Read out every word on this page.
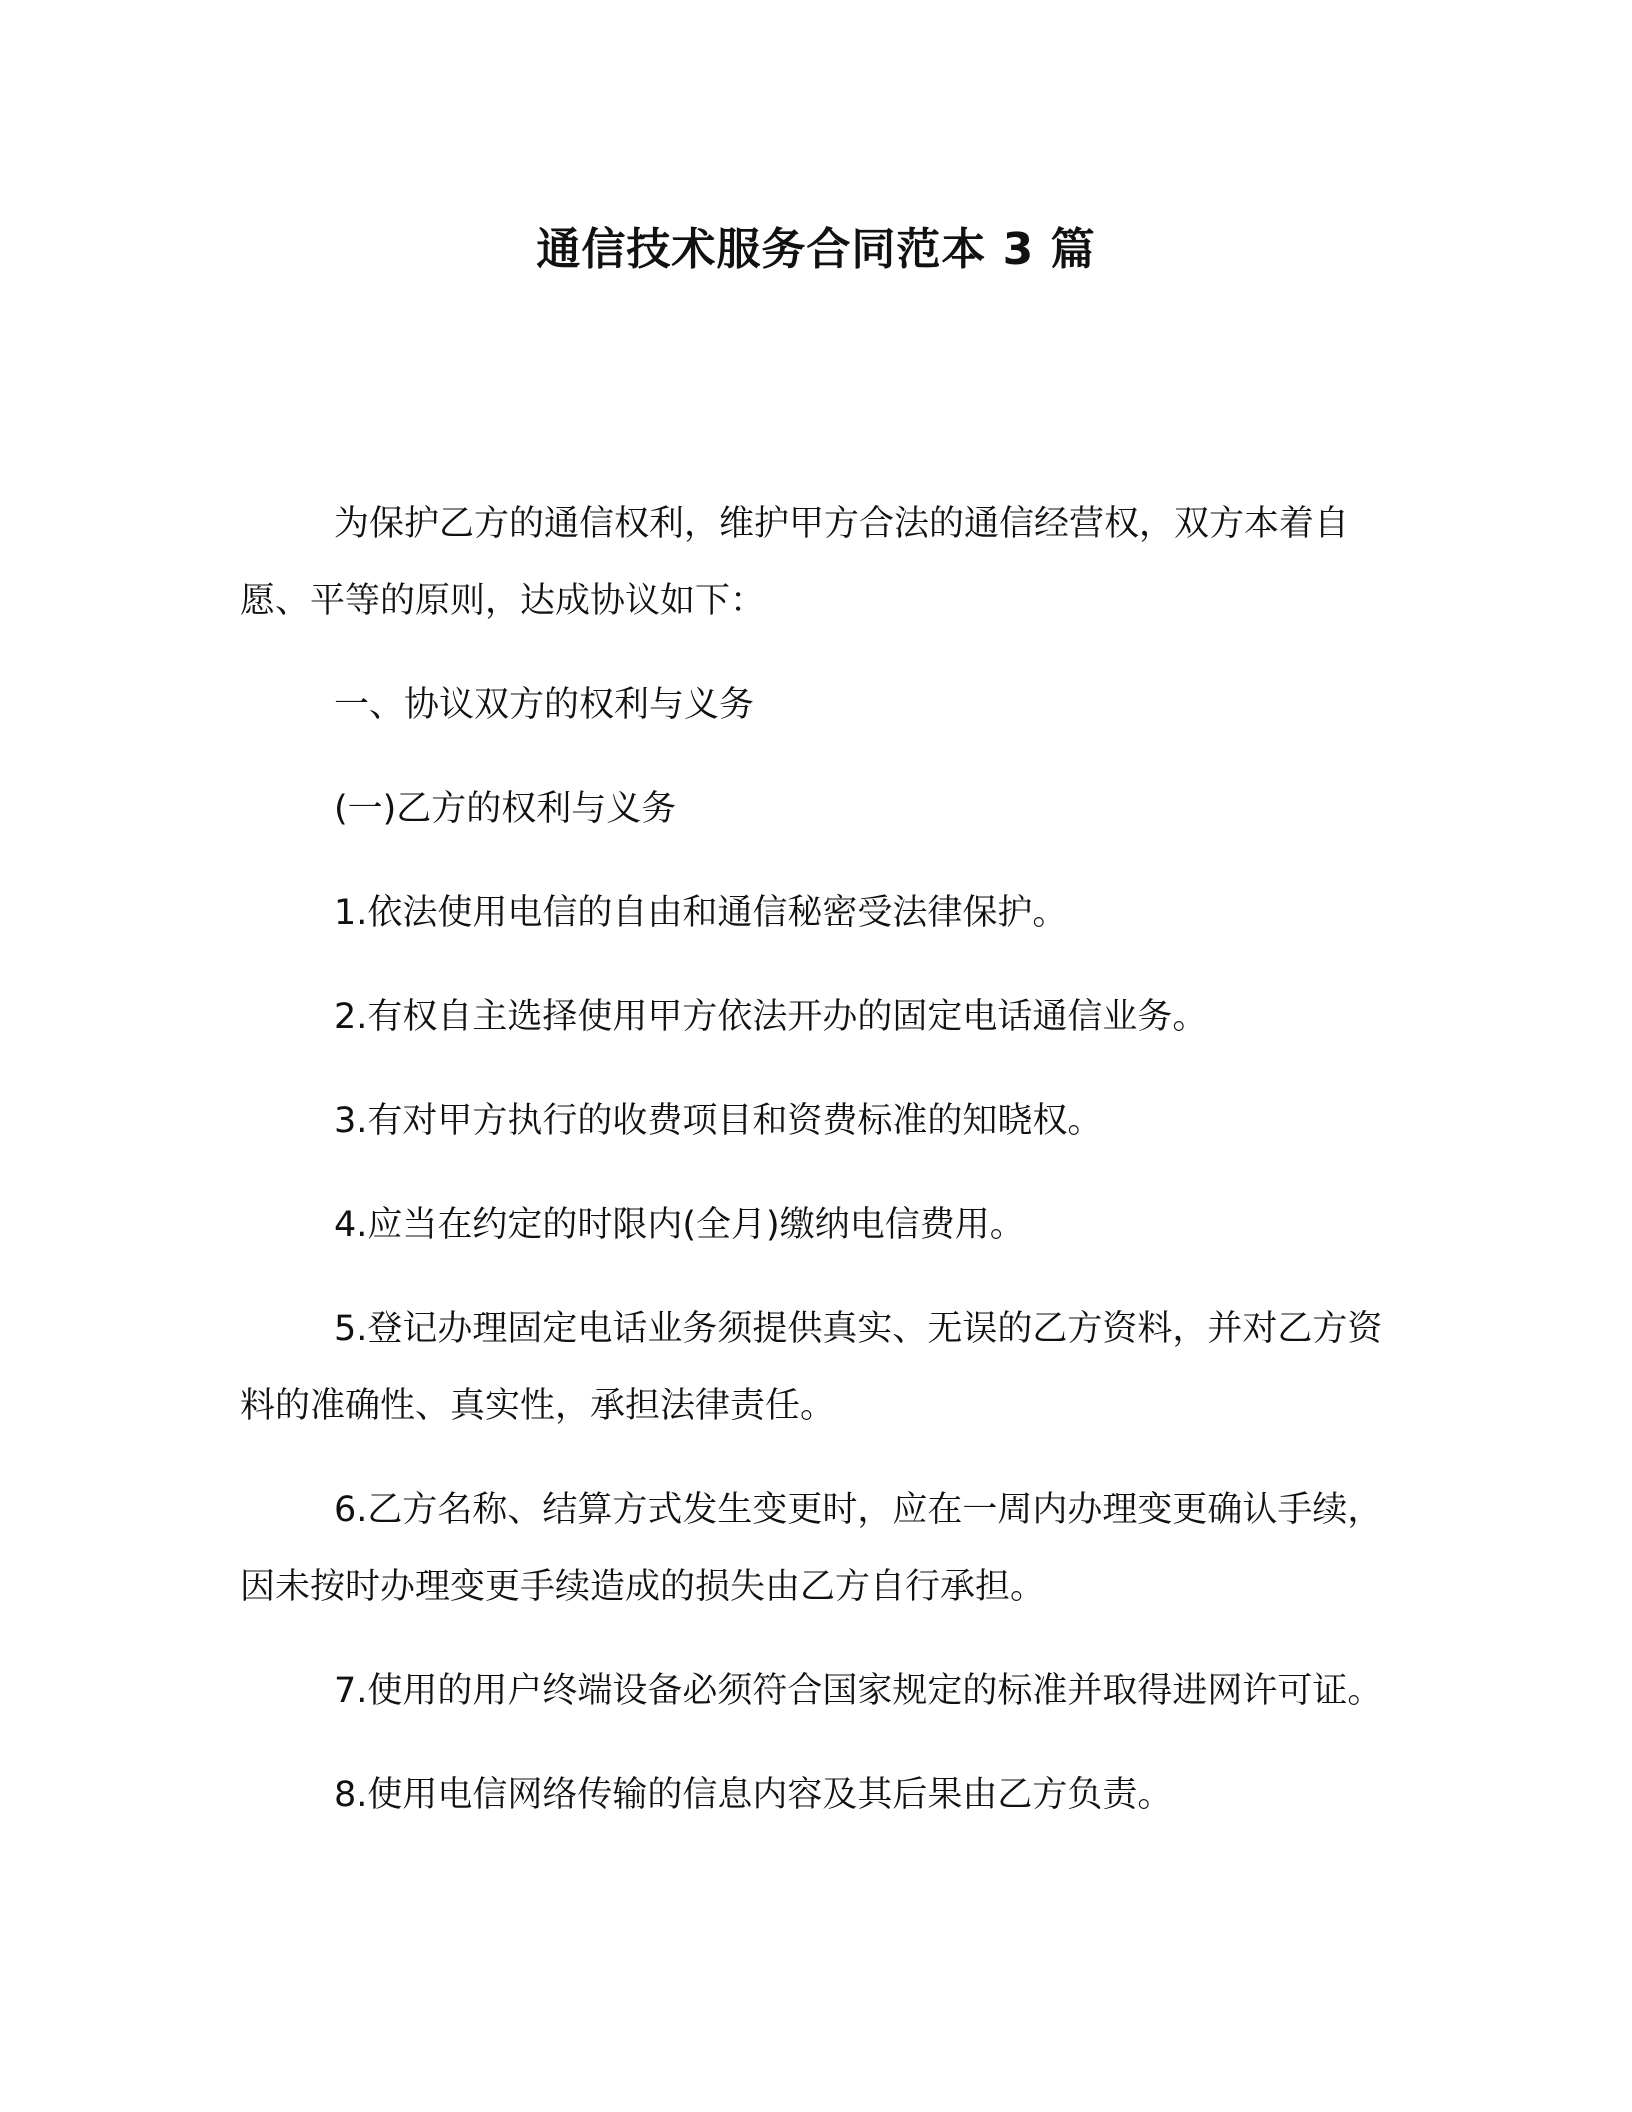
通信技术服务合同范本 3 篇

为保护乙方的通信权利，维护甲方合法的通信经营权，双方本着自愿、平等的原则，达成协议如下：

一、协议双方的权利与义务

(一)乙方的权利与义务

1.依法使用电信的自由和通信秘密受法律保护。

2.有权自主选择使用甲方依法开办的固定电话通信业务。

3.有对甲方执行的收费项目和资费标准的知晓权。

4.应当在约定的时限内(全月)缴纳电信费用。

5.登记办理固定电话业务须提供真实、无误的乙方资料，并对乙方资料的准确性、真实性，承担法律责任。

6.乙方名称、结算方式发生变更时，应在一周内办理变更确认手续，因未按时办理变更手续造成的损失由乙方自行承担。

7.使用的用户终端设备必须符合国家规定的标准并取得进网许可证。

8.使用电信网络传输的信息内容及其后果由乙方负责。
